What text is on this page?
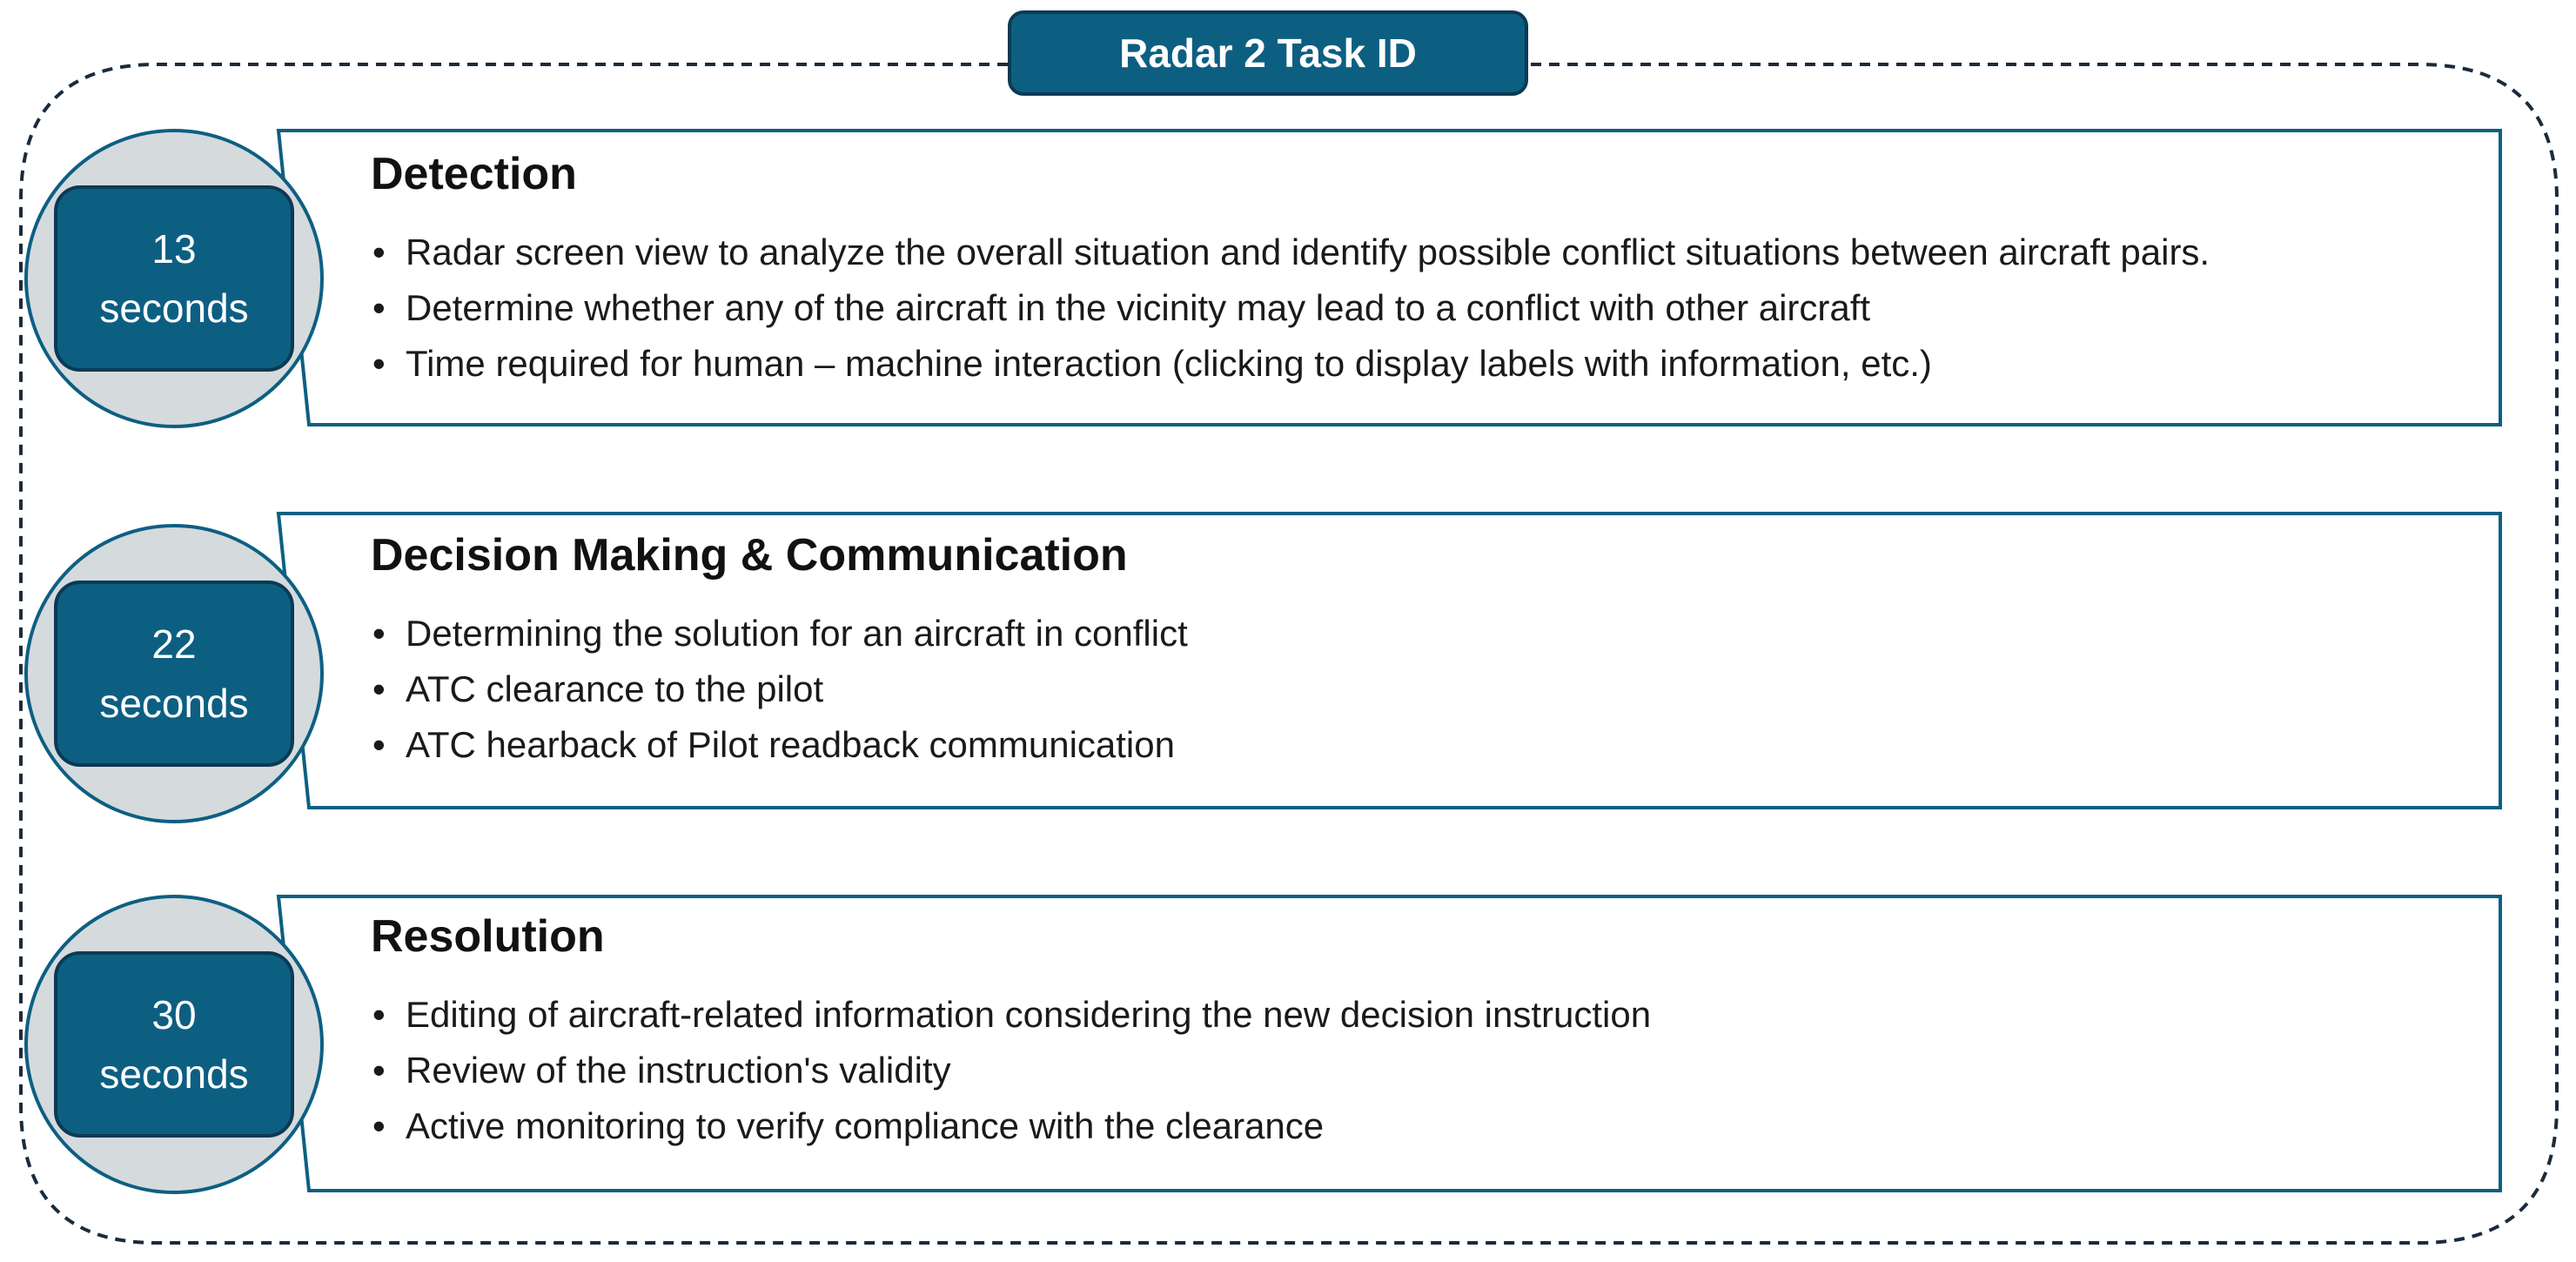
Radar 2 Task ID
13
seconds
Detection
• Radar screen view to analyze the overall situation and identify possible conflict situations between aircraft pairs.
• Determine whether any of the aircraft in the vicinity may lead to a conflict with other aircraft
• Time required for human – machine interaction (clicking to display labels with information, etc.)
22
seconds
Decision Making & Communication
• Determining the solution for an aircraft in conflict
• ATC clearance to the pilot
• ATC hearback of Pilot readback communication
30
seconds
Resolution
• Editing of aircraft-related information considering the new decision instruction
• Review of the instruction's validity
• Active monitoring to verify compliance with the clearance
